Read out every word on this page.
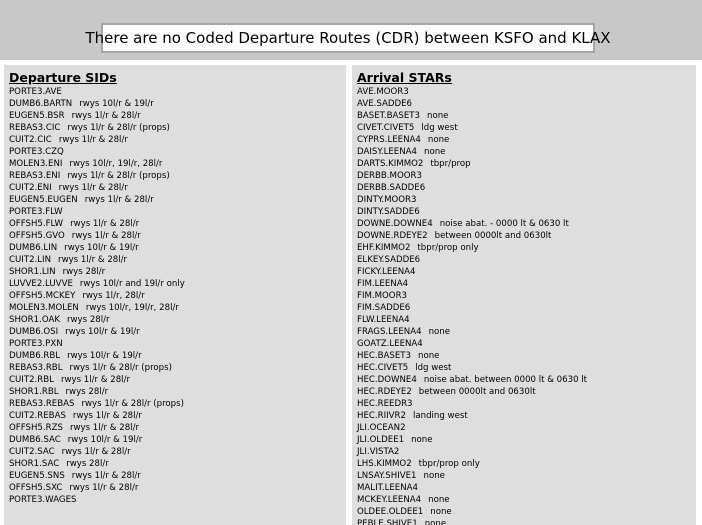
There are no Coded Departure Routes (CDR) between KSFO and KLAX
Departure SIDs
PORTE3.AVE
DUMB6.BARTN rwys 10l/r & 19l/r
EUGEN5.BSR rwys 1l/r & 28l/r
REBAS3.CIC rwys 1l/r & 28l/r (props)
CUIT2.CIC rwys 1l/r & 28l/r
PORTE3.CZQ
MOLEN3.ENI rwys 10l/r, 19l/r, 28l/r
REBAS3.ENI rwys 1l/r & 28l/r (props)
CUIT2.ENI rwys 1l/r & 28l/r
EUGEN5.EUGEN rwys 1l/r & 28l/r
PORTE3.FLW
OFFSH5.FLW rwys 1l/r & 28l/r
OFFSH5.GVO rwys 1l/r & 28l/r
DUMB6.LIN rwys 10l/r & 19l/r
CUIT2.LIN rwys 1l/r & 28l/r
SHOR1.LIN rwys 28l/r
LUVVE2.LUVVE rwys 10l/r and 19l/r only
OFFSH5.MCKEY rwys 1l/r, 28l/r
MOLEN3.MOLEN rwys 10l/r, 19l/r, 28l/r
SHOR1.OAK rwys 28l/r
DUMB6.OSI rwys 10l/r & 19l/r
PORTE3.PXN
DUMB6.RBL rwys 10l/r & 19l/r
REBAS3.RBL rwys 1l/r & 28l/r (props)
CUIT2.RBL rwys 1l/r & 28l/r
SHOR1.RBL rwys 28l/r
REBAS3.REBAS rwys 1l/r & 28l/r (props)
CUIT2.REBAS rwys 1l/r & 28l/r
OFFSH5.RZS rwys 1l/r & 28l/r
DUMB6.SAC rwys 10l/r & 19l/r
CUIT2.SAC rwys 1l/r & 28l/r
SHOR1.SAC rwys 28l/r
EUGEN5.SNS rwys 1l/r & 28l/r
OFFSH5.SXC rwys 1l/r & 28l/r
PORTE3.WAGES
Arrival STARs
AVE.MOOR3
AVE.SADDE6
BASET.BASET3 none
CIVET.CIVET5 ldg west
CYPRS.LEENA4 none
DAISY.LEENA4 none
DARTS.KIMMO2 tbpr/prop
DERBB.MOOR3
DERBB.SADDE6
DINTY.MOOR3
DINTY.SADDE6
DOWNE.DOWNE4 noise abat. - 0000 lt & 0630 lt
DOWNE.RDEYE2 between 0000lt and 0630lt
EHF.KIMMO2 tbpr/prop only
ELKEY.SADDE6
FICKY.LEENA4
FIM.LEENA4
FIM.MOOR3
FIM.SADDE6
FLW.LEENA4
FRAGS.LEENA4 none
GOATZ.LEENA4
HEC.BASET3 none
HEC.CIVET5 ldg west
HEC.DOWNE4 noise abat. between 0000 lt & 0630 lt
HEC.RDEYE2 between 0000lt and 0630lt
HEC.REEDR3
HEC.RIIVR2 landing west
JLI.OCEAN2
JLI.OLDEE1 none
JLI.VISTA2
LHS.KIMMO2 tbpr/prop only
LNSAY.SHIVE1 none
MALIT.LEENA4
MCKEY.LEENA4 none
OLDEE.OLDEE1 none
PEBLE.SHIVE1 none
